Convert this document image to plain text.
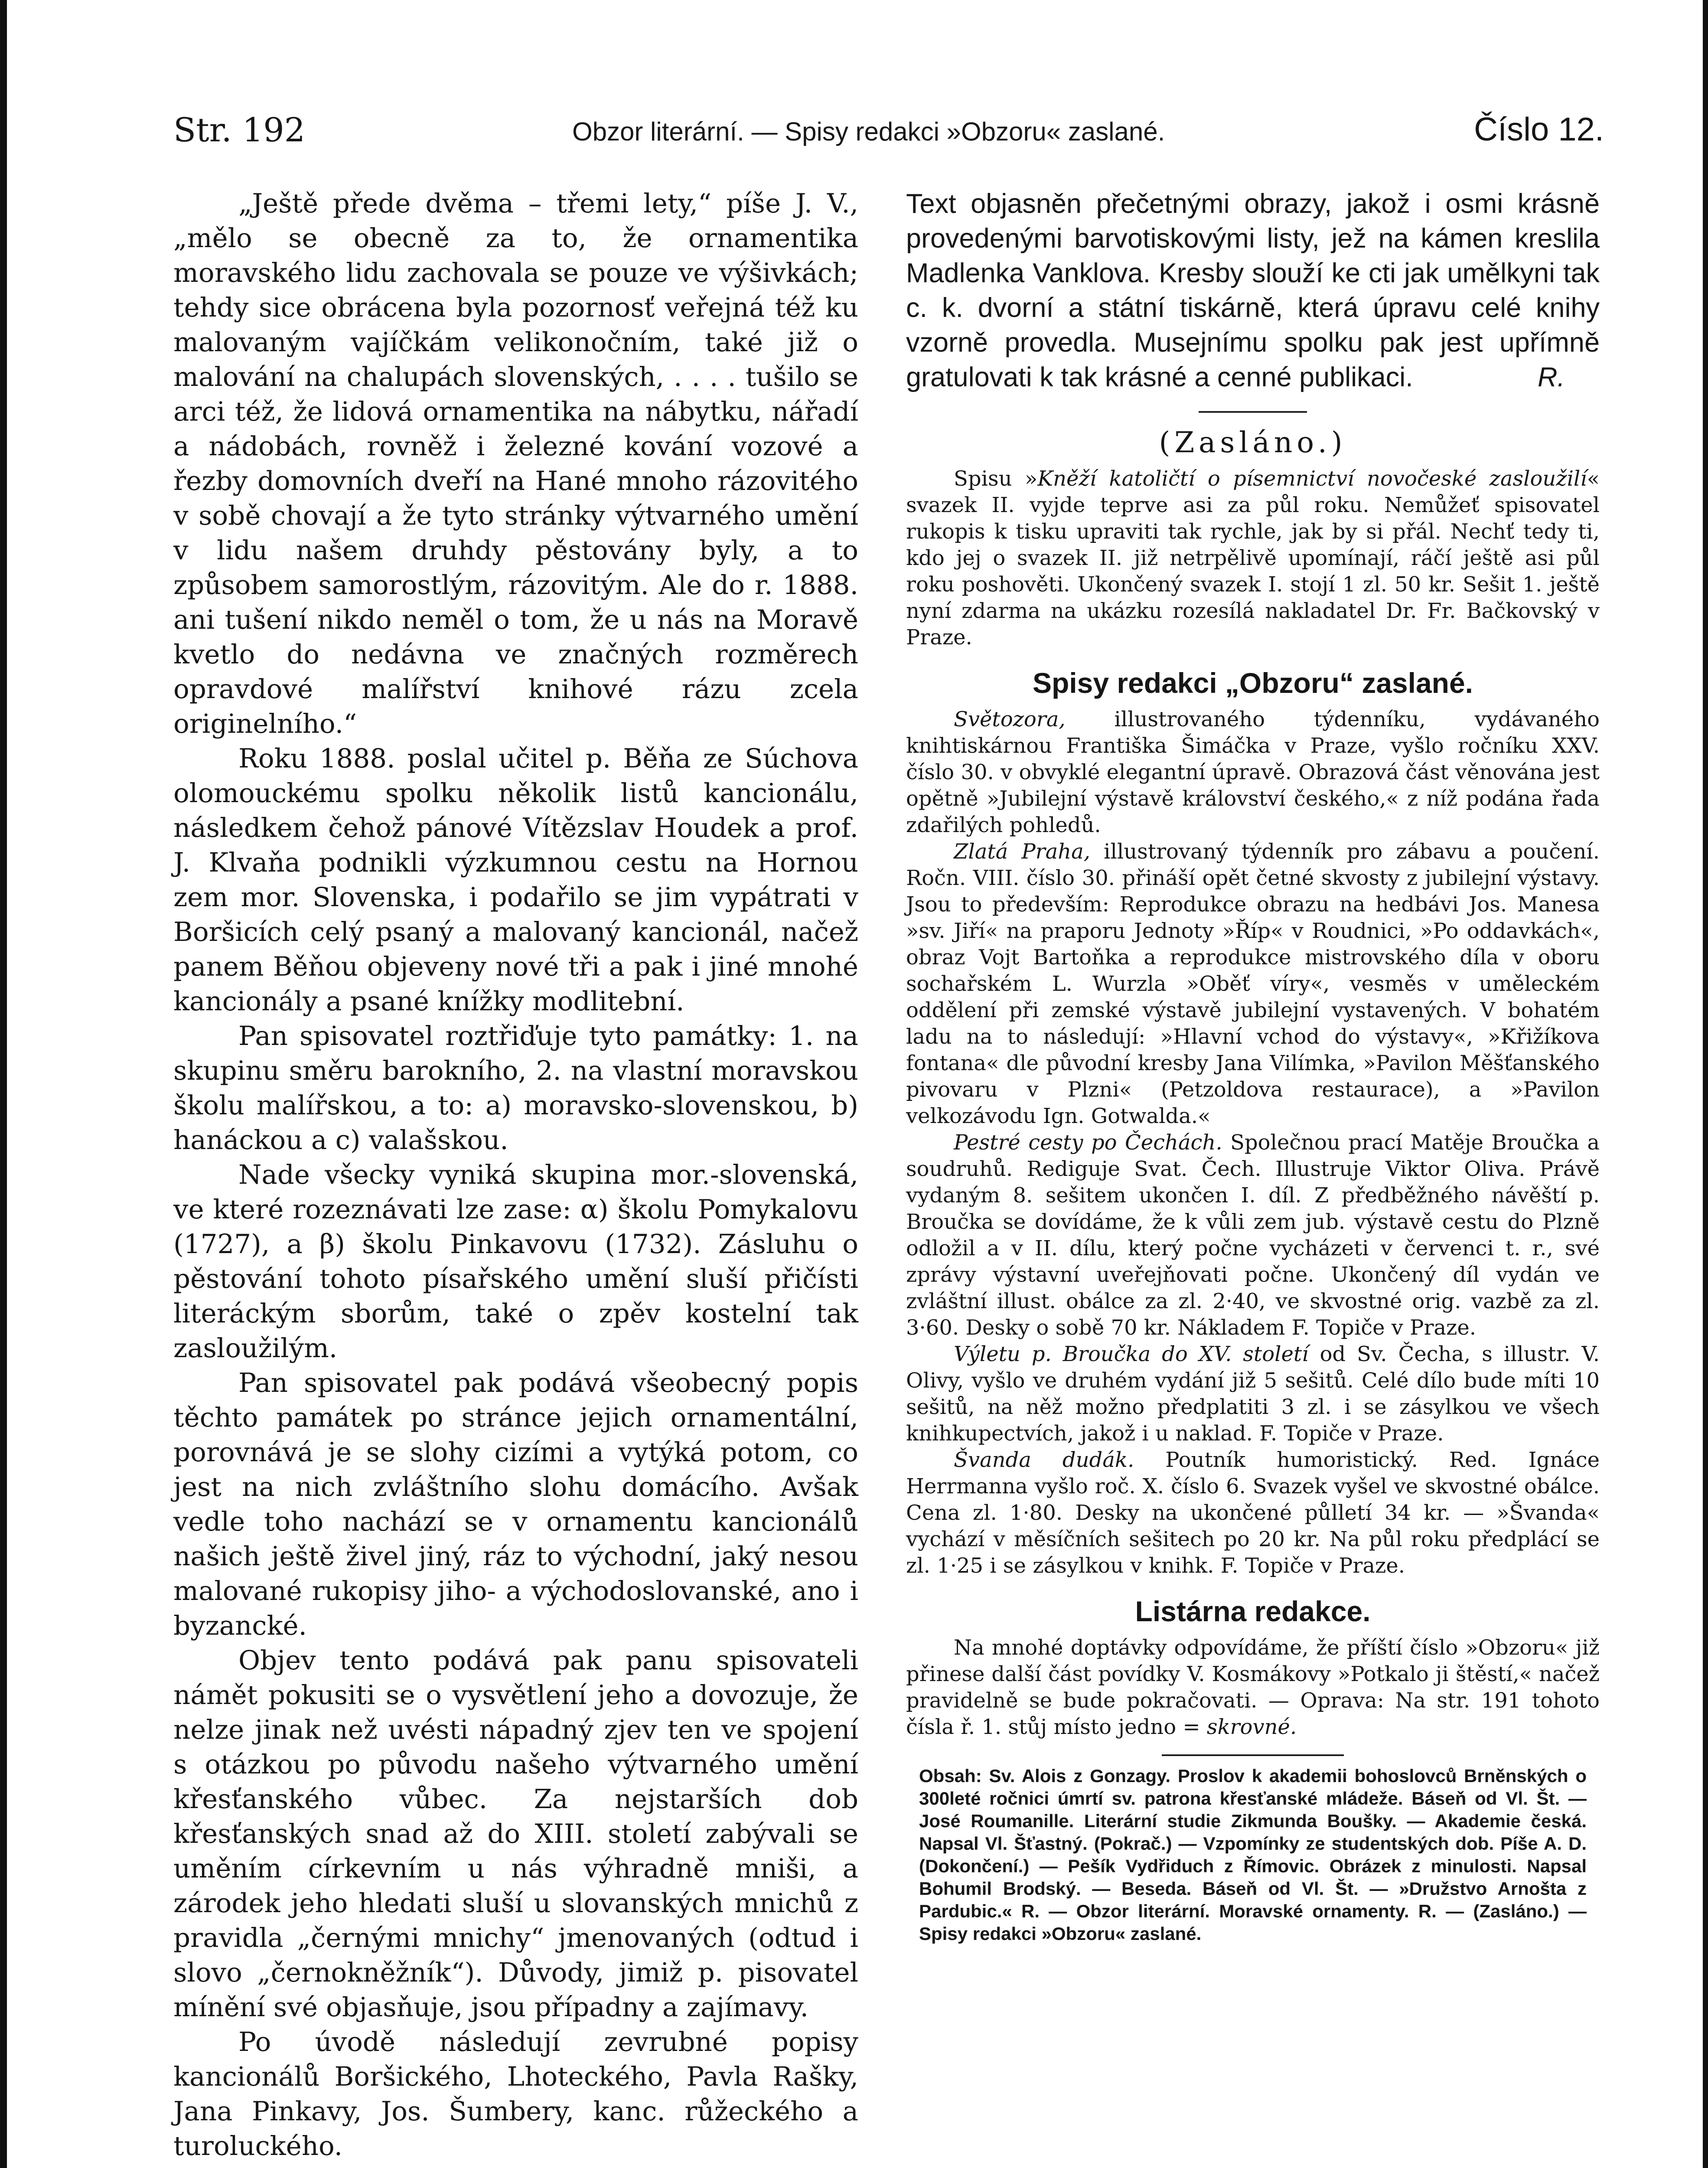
Str. 192	Obzor literární. — Spisy redakci »Obzoru« zaslané.	Číslo 12.

„Ještě přede dvěma – třemi lety,“ píše J. V., „mělo se obecně za to, že ornamentika moravského lidu zachovala se pouze ve výšivkách; tehdy sice obrácena byla pozornosť veřejná též ku malovaným vajíčkám velikonočním, také již o malování na chalupách slovenských, . . . . tušilo se arci též, že lidová ornamentika na nábytku, nářadí a nádobách, rovněž i železné kování vozové a řezby domovních dveří na Hané mnoho rázovitého v sobě chovají a že tyto stránky výtvarného umění v lidu našem druhdy pěstovány byly, a to způsobem samorostlým, rázovitým. Ale do r. 1888. ani tušení nikdo neměl o tom, že u nás na Moravě kvetlo do nedávna ve značných rozměrech opravdové malířství knihové rázu zcela originelního.“

Roku 1888. poslal učitel p. Běňa ze Súchova olomouckému spolku několik listů kancionálu, následkem čehož pánové Vítězslav Houdek a prof. J. Klvaňa podnikli výzkumnou cestu na Hornou zem mor. Slovenska, i podařilo se jim vypátrati v Boršicích celý psaný a malovaný kancionál, načež panem Běňou objeveny nové tři a pak i jiné mnohé kancionály a psané knížky modlitební.

Pan spisovatel roztřiďuje tyto památky: 1. na skupinu směru barokního, 2. na vlastní moravskou školu malířskou, a to: a) moravsko-slovenskou, b) hanáckou a c) valašskou.

Nade všecky vyniká skupina mor.-slovenská, ve které rozeznávati lze zase: α) školu Pomykalovu (1727), a β) školu Pinkavovu (1732). Zásluhu o pěstování tohoto písařského umění sluší přičísti literáckým sborům, také o zpěv kostelní tak zasloužilým.

Pan spisovatel pak podává všeobecný popis těchto památek po stránce jejich ornamentální, porovnává je se slohy cizími a vytýká potom, co jest na nich zvláštního slohu domácího. Avšak vedle toho nachází se v ornamentu kancionálů našich ještě živel jiný, ráz to východní, jaký nesou malované rukopisy jiho- a východoslovanské, ano i byzancké.

Objev tento podává pak panu spisovateli námět pokusiti se o vysvětlení jeho a dovozuje, že nelze jinak než uvésti nápadný zjev ten ve spojení s otázkou po původu našeho výtvarného umění křesťanského vůbec. Za nejstarších dob křesťanských snad až do XIII. století zabývali se uměním církevním u nás výhradně mniši, a zárodek jeho hledati sluší u slovanských mnichů z pravidla „černými mnichy“ jmenovaných (odtud i slovo „černokněžník“). Důvody, jimiž p. pisovatel mínění své objasňuje, jsou případny a zajímavy.

Po úvodě následují zevrubné popisy kancionálů Boršického, Lhoteckého, Pavla Rašky, Jana Pinkavy, Jos. Šumbery, kanc. růžeckého a turoluckého.

Text objasněn přečetnými obrazy, jakož i osmi krásně provedenými barvotiskovými listy, jež na kámen kreslila Madlenka Vanklova. Kresby slouží ke cti jak umělkyni tak c. k. dvorní a státní tiskárně, která úpravu celé knihy vzorně provedla. Musejnímu spolku pak jest upřímně gratulovati k tak krásné a cenné publikaci.	R.

(Zasláno.)

Spisu »Kněží katoličtí o písemnictví novočeské zasloužilí« svazek II. vyjde teprve asi za půl roku. Nemůžeť spisovatel rukopis k tisku upraviti tak rychle, jak by si přál. Nechť tedy ti, kdo jej o svazek II. již netrpělivě upomínají, ráčí ještě asi půl roku poshověti. Ukončený svazek I. stojí 1 zl. 50 kr. Sešit 1. ještě nyní zdarma na ukázku rozesílá nakladatel Dr. Fr. Bačkovský v Praze.

Spisy redakci „Obzoru“ zaslané.

Světozora, illustrovaného týdenníku, vydávaného knihtiskárnou Františka Šimáčka v Praze, vyšlo ročníku XXV. číslo 30. v obvyklé elegantní úpravě. Obrazová část věnována jest opětně »Jubilejní výstavě království českého,« z níž podána řada zdařilých pohledů.

Zlatá Praha, illustrovaný týdenník pro zábavu a poučení. Ročn. VIII. číslo 30. přináší opět četné skvosty z jubilejní výstavy. Jsou to především: Reprodukce obrazu na hedbávi Jos. Manesa »sv. Jiří« na praporu Jednoty »Říp« v Roudnici, »Po oddavkách«, obraz Vojt Bartoňka a reprodukce mistrovského díla v oboru sochařském L. Wurzla »Oběť víry«, vesměs v uměleckém oddělení při zemské výstavě jubilejní vystavených. V bohatém ladu na to následují: »Hlavní vchod do výstavy«, »Křižíkova fontana« dle původní kresby Jana Vilímka, »Pavilon Měšťanského pivovaru v Plzni« (Petzoldova restaurace), a »Pavilon velkozávodu Ign. Gotwalda.«

Pestré cesty po Čechách. Společnou prací Matěje Broučka a soudruhů. Rediguje Svat. Čech. Illustruje Viktor Oliva. Právě vydaným 8. sešitem ukončen I. díl. Z předběžného návěští p. Broučka se dovídáme, že k vůli zem jub. výstavě cestu do Plzně odložil a v II. dílu, který počne vycházeti v červenci t. r., své zprávy výstavní uveřejňovati počne. Ukončený díl vydán ve zvláštní illust. obálce za zl. 2·40, ve skvostné orig. vazbě za zl. 3·60. Desky o sobě 70 kr. Nákladem F. Topiče v Praze.

Výletu p. Broučka do XV. století od Sv. Čecha, s illustr. V. Olivy, vyšlo ve druhém vydání již 5 sešitů. Celé dílo bude míti 10 sešitů, na něž možno předplatiti 3 zl. i se zásylkou ve všech knihkupectvích, jakož i u naklad. F. Topiče v Praze.

Švanda dudák. Poutník humoristický. Red. Ignáce Herrmanna vyšlo roč. X. číslo 6. Svazek vyšel ve skvostné obálce. Cena zl. 1·80. Desky na ukončené půlletí 34 kr. — »Švanda« vychází v měsíčních sešitech po 20 kr. Na půl roku předplácí se zl. 1·25 i se zásylkou v knihk. F. Topiče v Praze.

Listárna redakce.

Na mnohé doptávky odpovídáme, že příští číslo »Obzoru« již přinese další část povídky V. Kosmákovy »Potkalo ji štěstí,« načež pravidelně se bude pokračovati. — Oprava: Na str. 191 tohoto čísla ř. 1. stůj místo jedno = skrovné.

Obsah: Sv. Alois z Gonzagy. Proslov k akademii bohoslovců Brněnských o 300leté ročnici úmrtí sv. patrona křesťanské mládeže. Báseň od Vl. Št. — José Roumanille. Literární studie Zikmunda Boušky. — Akademie česká. Napsal Vl. Šťastný. (Pokrač.) — Vzpomínky ze studentských dob. Píše A. D. (Dokončení.) — Pešík Vydřiduch z Římovic. Obrázek z minulosti. Napsal Bohumil Brodský. — Beseda. Báseň od Vl. Št. — »Družstvo Arnošta z Pardubic.« R. — Obzor literární. Moravské ornamenty. R. — (Zasláno.) — Spisy redakci »Obzoru« zaslané.
